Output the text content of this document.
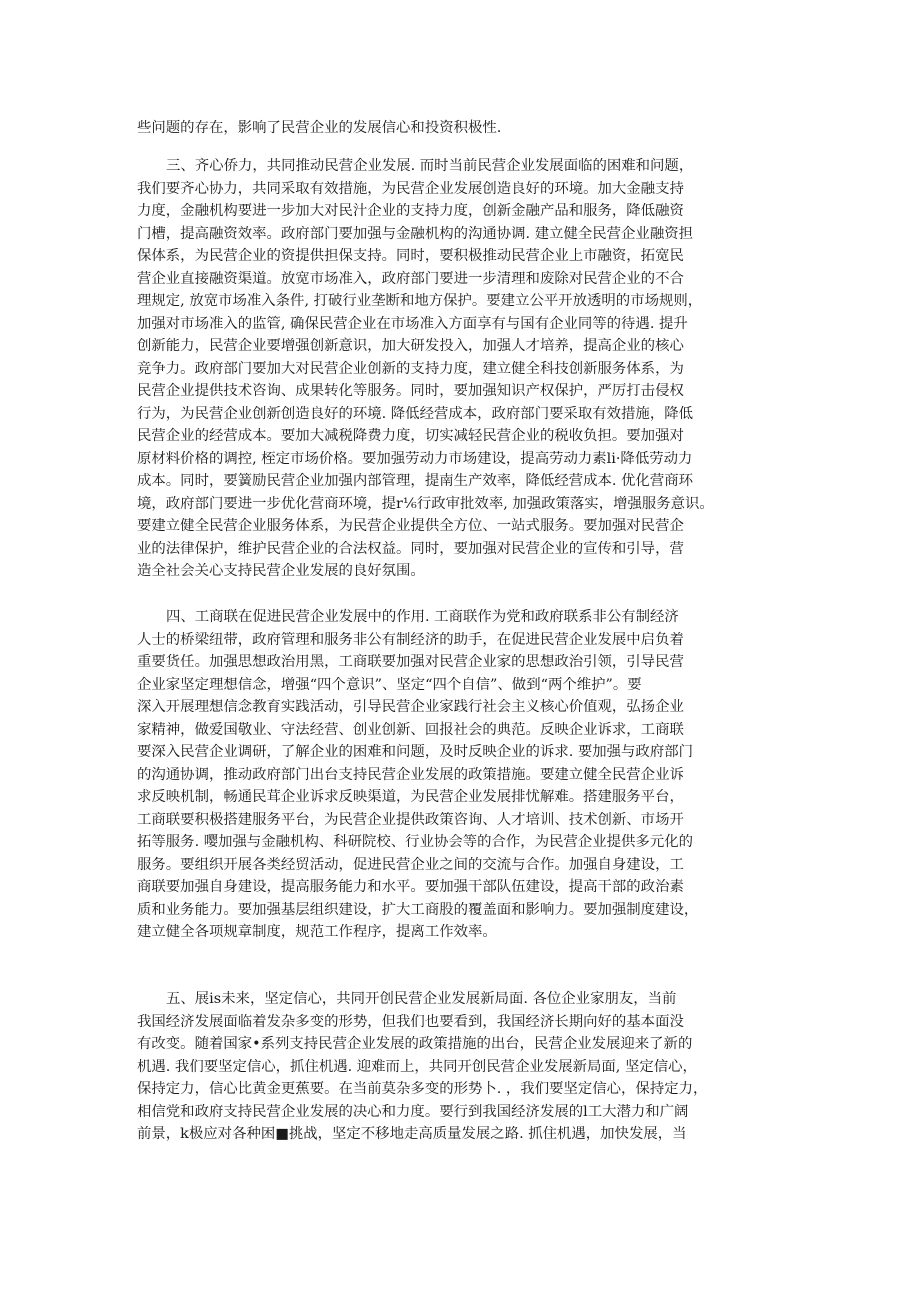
些问题的存在，影响了民营企业的发展信心和投资积极性.
三、齐心侨力，共同推动民营企业发展. 而时当前民营企业发展面临的困难和问题，
我们要齐心协力，共同采取有效措施，为民营企业发展创造良好的环境。加大金融支持
力度，金融机构要进一步加大对民汁企业的支持力度，创新金融产品和服务，降低融资
门槽，提高融资效率。政府部门要加强与金融机构的沟通协调. 建立健全民营企业融资担
保体系，为民营企业的资提供担保支持。同时，要积极推动民营企业上市融资，拓宽民
营企业直接融资渠道。放宽市场准入，政府部门要进一步清理和废除对民营企业的不合
理规定, 放宽市场准入条件, 打破行业垄断和地方保护。要建立公平开放透明的市场规则，
加强对市场准入的监管, 确保民营企业在市场准入方面享有与国有企业同等的待遇. 提升
创新能力，民营企业要增强创新意识，加大研发投入，加强人才培养，提高企业的核心
竞争力。政府部门要加大对民营企业创新的支持力度，建立健全科技创新服务体系，为
民营企业提供技术咨询、成果转化等服务。同时，要加强知识产权保护，严厉打击侵权
行为，为民营企业创新创造良好的环境. 降低经营成本，政府部门要采取有效措施，降低
民营企业的经营成本。要加大减税降费力度，切实减轻民营企业的税收负担。要加强对
原材料价格的调控, 桎定市场价格。要加强劳动力市场建设，提高劳动力素li·降低劳动力
成本。同时，要簧励民营企业加强内部管理，提南生产效率，降低经营成本. 优化营商环
境，政府部门要进一步优化营商环境，提r⅙行政审批效率, 加强政策落实，增强服务意识。
要建立健全民营企业服务体系，为民营企业提供全方位、一站式服务。要加强对民营企
业的法律保护，维护民营企业的合法权益。同时，要加强对民营企业的宣传和引导，营
造全社会关心支持民营企业发展的良好氛围。
四、工商联在促进民营企业发展中的作用. 工商联作为党和政府联系非公有制经济
人士的桥梁纽带，政府管理和服务非公有制经济的助手，在促进民营企业发展中启负着
重要货任。加强思想政治用黑，工商联要加强对民营企业家的思想政治引领，引导民营
企业家坚定理想信念，增强“四个意识”、坚定“四个自信”、做到“两个维护”。要
深入开展理想信念教育实践活动，引导民营企业家践行社会主义核心价值观，弘扬企业
家精神，做爱国敬业、守法经营、创业创新、回报社会的典范。反映企业诉求，工商联
要深入民营企业调研，了解企业的困难和问题，及时反映企业的诉求. 要加强与政府部门
的沟通协调，推动政府部门出台支持民营企业发展的政策措施。要建立健全民营企业诉
求反映机制，畅通民茸企业诉求反映渠道，为民营企业发展排忧解难。搭建服务平台，
工商联要积极搭建服务平台，为民营企业提供政策咨询、人才培训、技术创新、市场开
拓等服务. 嘤加强与金融机构、科研院校、行业协会等的合作，为民营企业提供多元化的
服务。要组织开展各类经贸活动，促进民营企业之间的交流与合作。加强自身建设，工
商联要加强自身建设，提高服务能力和水平。要加强干部队伍建设，提高干部的政治素
质和业务能力。要加强基层组织建设，扩大工商股的覆盖面和影响力。要加强制度建设，
建立健全各项规章制度，规范工作程序，提离工作效率。
五、展is未来，坚定信心，共同开创民营企业发展新局面. 各位企业家朋友，当前
我国经济发展面临着发杂多变的形势，但我们也要看到，我国经济长期向好的基本面没
有改变。随着国家•系列支持民营企业发展的政策措施的出台，民营企业发展迎来了新的
机遇. 我们要坚定信心，抓住机遇. 迎难而上，共同开创民营企业发展新局面, 坚定信心，
保持定力，信心比黄金更蕉要。在当前莫杂多变的形势卜. ，我们要坚定信心，保持定力，
相信党和政府支持民营企业发展的决心和力度。要行到我国经济发展的l工大潜力和广阔
前景，k极应对各种困■挑战，坚定不移地走高质量发展之路. 抓住机遇，加快发展，当
